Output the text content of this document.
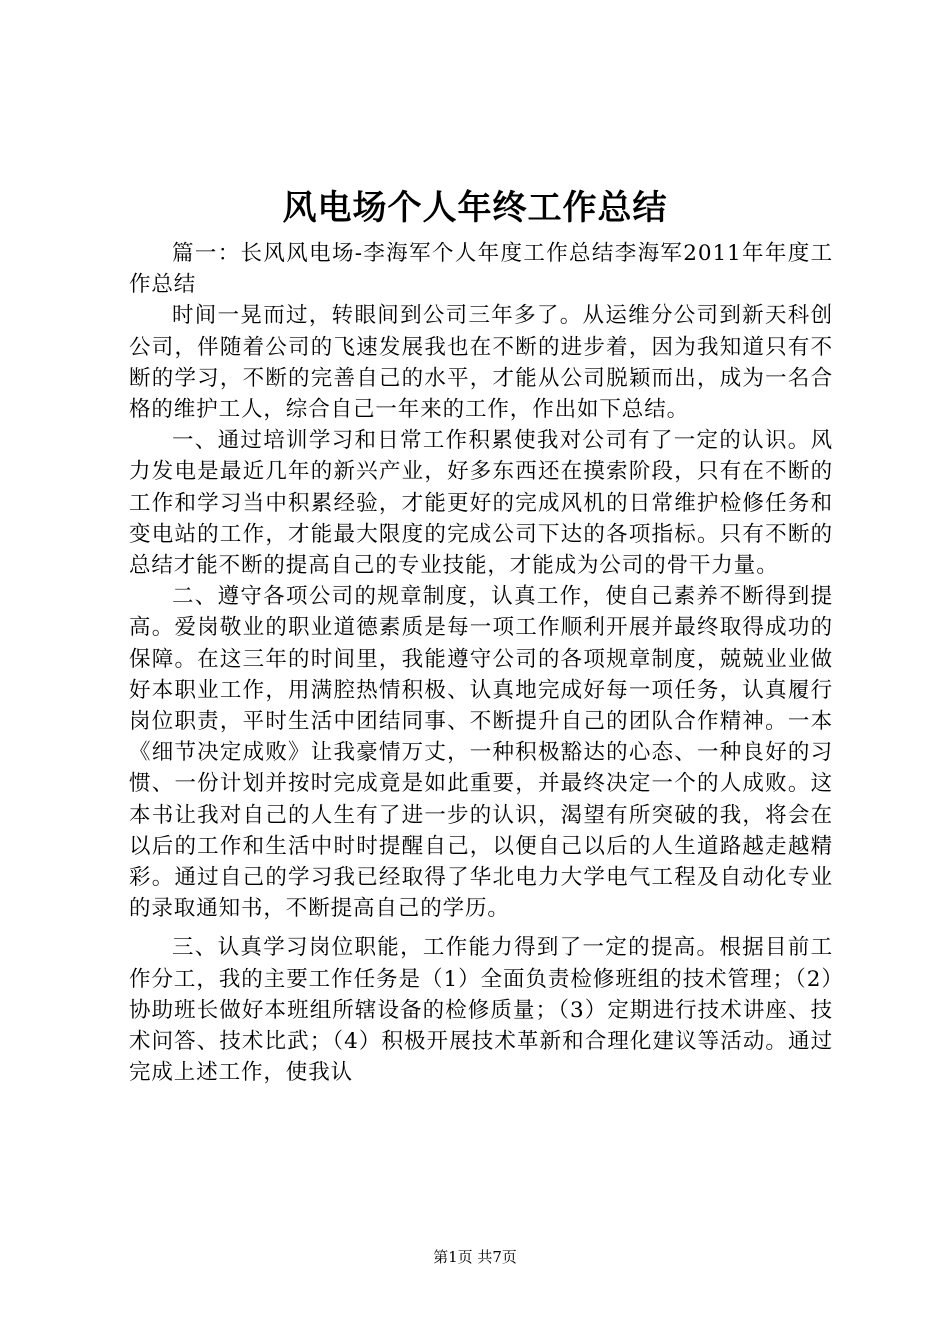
风电场个人年终工作总结

篇一：长风风电场-李海军个人年度工作总结李海军2011年年度工作总结

时间一晃而过，转眼间到公司三年多了。从运维分公司到新天科创公司，伴随着公司的飞速发展我也在不断的进步着，因为我知道只有不断的学习，不断的完善自己的水平，才能从公司脱颖而出，成为一名合格的维护工人，综合自己一年来的工作，作出如下总结。

一、通过培训学习和日常工作积累使我对公司有了一定的认识。风力发电是最近几年的新兴产业，好多东西还在摸索阶段，只有在不断的工作和学习当中积累经验，才能更好的完成风机的日常维护检修任务和变电站的工作，才能最大限度的完成公司下达的各项指标。只有不断的总结才能不断的提高自己的专业技能，才能成为公司的骨干力量。

二、遵守各项公司的规章制度，认真工作，使自己素养不断得到提高。爱岗敬业的职业道德素质是每一项工作顺利开展并最终取得成功的保障。在这三年的时间里，我能遵守公司的各项规章制度，兢兢业业做好本职业工作，用满腔热情积极、认真地完成好每一项任务，认真履行岗位职责，平时生活中团结同事、不断提升自己的团队合作精神。一本《细节决定成败》让我豪情万丈，一种积极豁达的心态、一种良好的习惯、一份计划并按时完成竟是如此重要，并最终决定一个的人成败。这本书让我对自己的人生有了进一步的认识，渴望有所突破的我，将会在以后的工作和生活中时时提醒自己，以便自己以后的人生道路越走越精彩。通过自己的学习我已经取得了华北电力大学电气工程及自动化专业的录取通知书，不断提高自己的学历。

三、认真学习岗位职能，工作能力得到了一定的提高。根据目前工作分工，我的主要工作任务是（1）全面负责检修班组的技术管理；（2）协助班长做好本班组所辖设备的检修质量；（3）定期进行技术讲座、技术问答、技术比武；（4）积极开展技术革新和合理化建议等活动。通过完成上述工作，使我认

第1页 共7页
